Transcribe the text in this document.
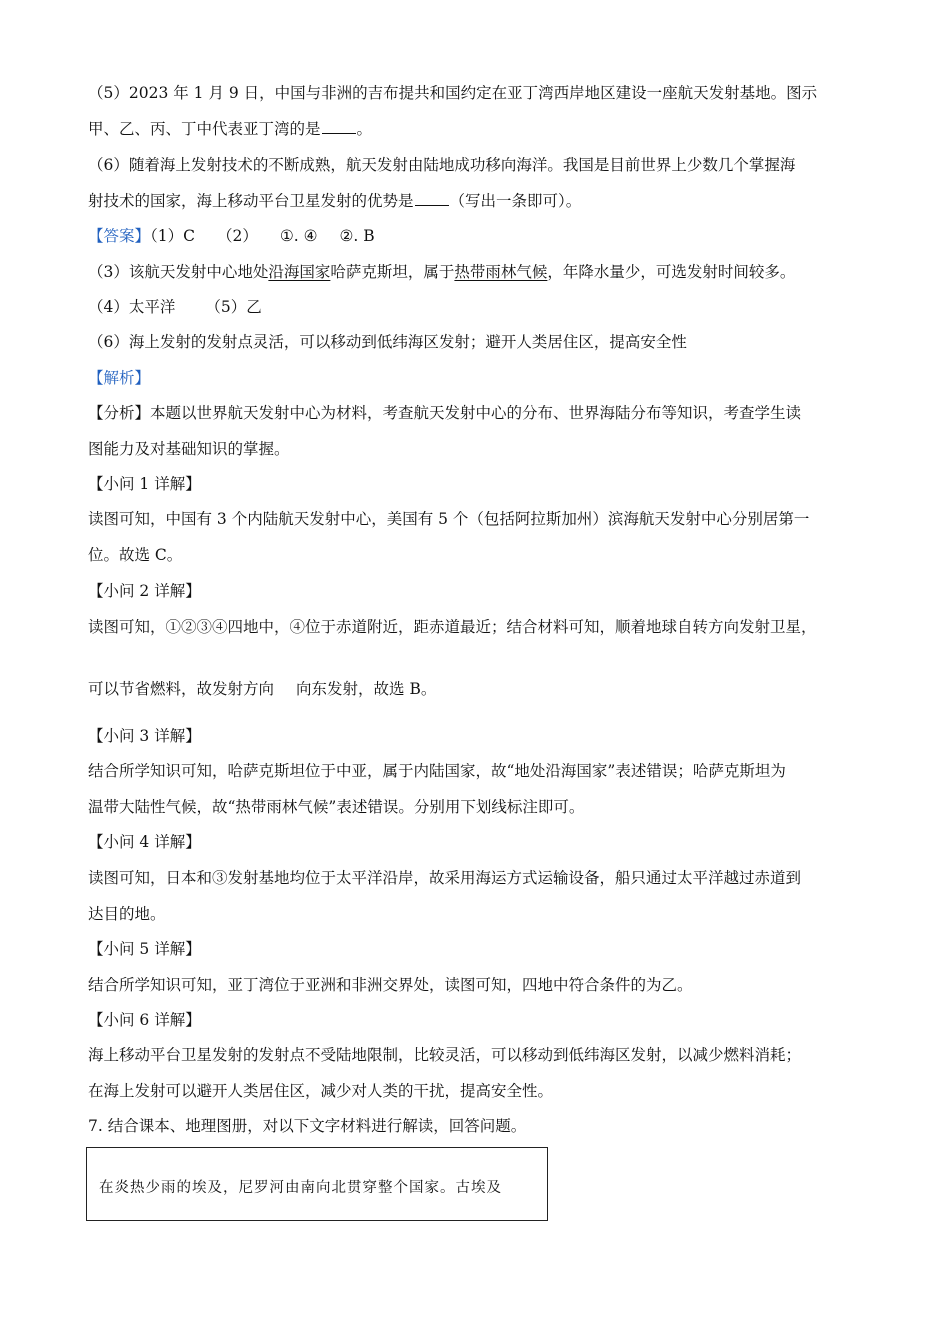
（5）2023 年 1 月 9 日，中国与非洲的吉布提共和国约定在亚丁湾西岸地区建设一座航天发射基地。图示
甲、乙、丙、丁中代表亚丁湾的是 。
（6）随着海上发射技术的不断成熟，航天发射由陆地成功移向海洋。我国是目前世界上少数几个掌握海
射技术的国家，海上移动平台卫星发射的优势是 （写出一条即可）。
【答案】（1）C （2） ①. ④ ②. B
（3）该航天发射中心地处沿海国家哈萨克斯坦，属于热带雨林气候，年降水量少，可选发射时间较多。
（4）太平洋 （5）乙
（6）海上发射的发射点灵活，可以移动到低纬海区发射；避开人类居住区，提高安全性
【解析】
【分析】本题以世界航天发射中心为材料，考查航天发射中心的分布、世界海陆分布等知识，考查学生读
图能力及对基础知识的掌握。
【小问 1 详解】
读图可知，中国有 3 个内陆航天发射中心，美国有 5 个（包括阿拉斯加州）滨海航天发射中心分别居第一
位。故选 C。
【小问 2 详解】
读图可知，①②③④四地中，④位于赤道附近，距赤道最近；结合材料可知，顺着地球自转方向发射卫星，
可以节省燃料，故发射方向 向东发射，故选 B。
【小问 3 详解】
结合所学知识可知，哈萨克斯坦位于中亚，属于内陆国家，故“地处沿海国家”表述错误；哈萨克斯坦为
温带大陆性气候，故“热带雨林气候”表述错误。分别用下划线标注即可。
【小问 4 详解】
读图可知，日本和③发射基地均位于太平洋沿岸，故采用海运方式运输设备，船只通过太平洋越过赤道到
达目的地。
【小问 5 详解】
结合所学知识可知，亚丁湾位于亚洲和非洲交界处，读图可知，四地中符合条件的为乙。
【小问 6 详解】
海上移动平台卫星发射的发射点不受陆地限制，比较灵活，可以移动到低纬海区发射，以减少燃料消耗；
在海上发射可以避开人类居住区，减少对人类的干扰，提高安全性。
7. 结合课本、地理图册，对以下文字材料进行解读，回答问题。
在炎热少雨的埃及，尼罗河由南向北贯穿整个国家。古埃及
